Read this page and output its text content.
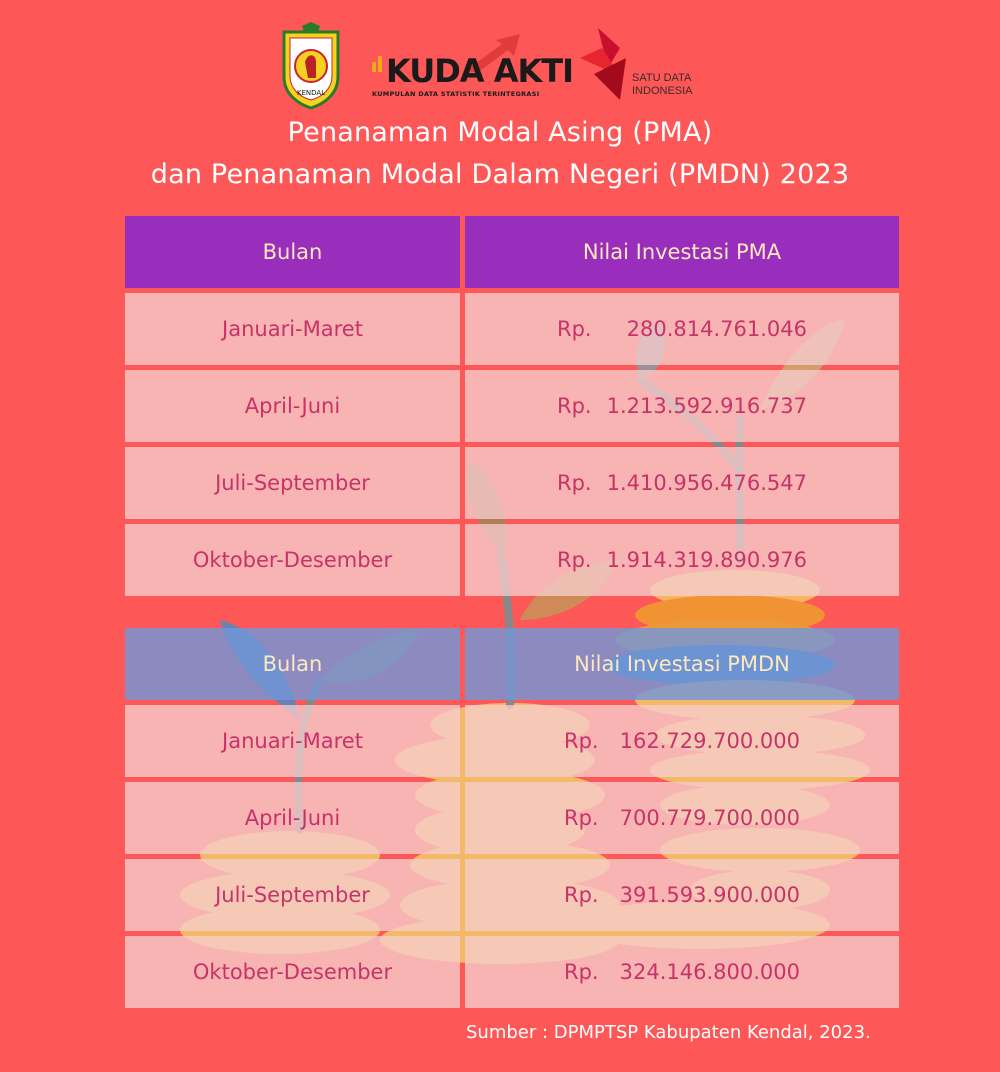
KENDAL
KUDA AKTI
KUMPULAN DATA STATISTIK TERINTEGRASI
SATU DATA INDONESIA
Penanaman Modal Asing (PMA)
dan Penanaman Modal Dalam Negeri (PMDN) 2023
Bulan	Nilai Investasi PMA
Januari-Maret	Rp.	280.814.761.046
April-Juni	Rp. 1.213.592.916.737
Juli-September	Rp. 1.410.956.476.547
Oktober-Desember	Rp. 1.914.319.890.976
Bulan	Nilai Investasi PMDN
Januari-Maret	Rp.	162.729.700.000
April-Juni	Rp.	700.779.700.000
Juli-September	Rp.	391.593.900.000
Oktober-Desember	Rp.	324.146.800.000
Sumber : DPMPTSP Kabupaten Kendal, 2023.
